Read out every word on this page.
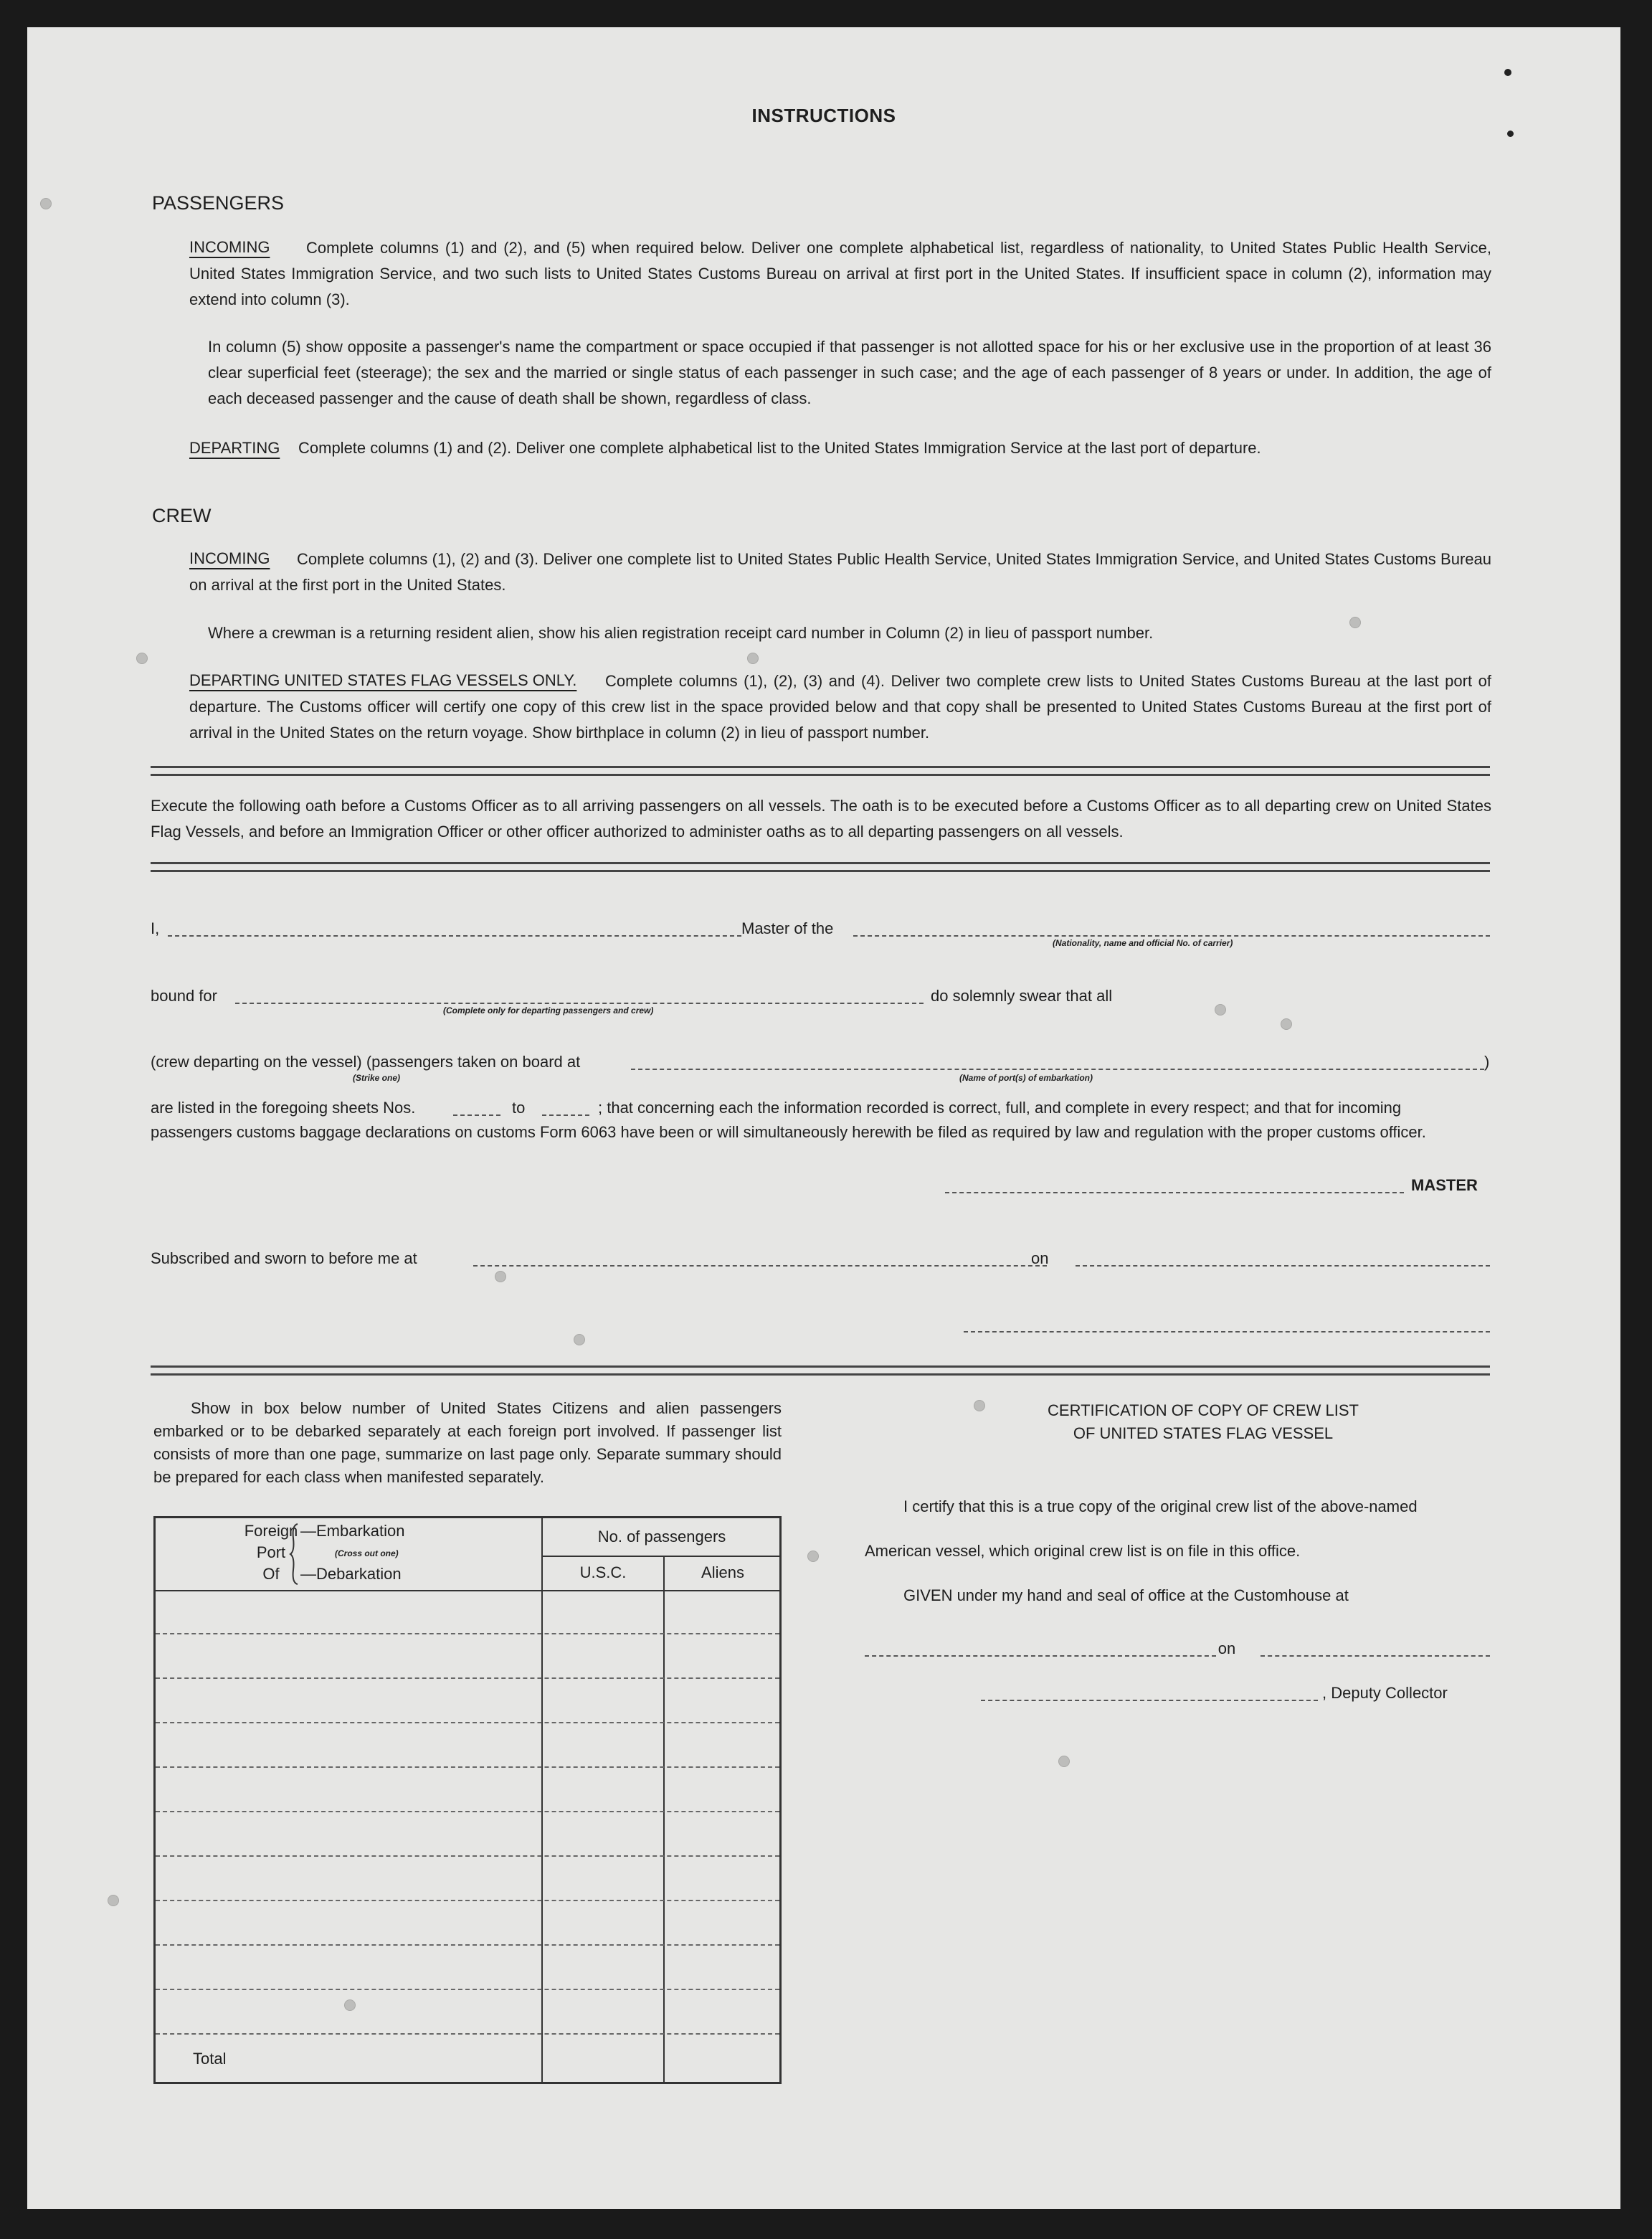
INSTRUCTIONS
PASSENGERS
INCOMING	Complete columns (1) and (2), and (5) when required below. Deliver one complete alphabetical list, regardless of nationality, to United States Public Health Service, United States Immigration Service, and two such lists to United States Customs Bureau on arrival at first port in the United States. If insufficient space in column (2), information may extend into column (3).
In column (5) show opposite a passenger's name the compartment or space occupied if that passenger is not allotted space for his or her exclusive use in the proportion of at least 36 clear superficial feet (steerage); the sex and the married or single status of each passenger in such case; and the age of each passenger of 8 years or under. In addition, the age of each deceased passenger and the cause of death shall be shown, regardless of class.
DEPARTING Complete columns (1) and (2). Deliver one complete alphabetical list to the United States Immigration Service at the last port of departure.
CREW
INCOMING	Complete columns (1), (2) and (3). Deliver one complete list to United States Public Health Service, United States Immigration Service, and United States Customs Bureau on arrival at the first port in the United States.
Where a crewman is a returning resident alien, show his alien registration receipt card number in Column (2) in lieu of passport number.
DEPARTING UNITED STATES FLAG VESSELS ONLY.	Complete columns (1), (2), (3) and (4). Deliver two complete crew lists to United States Customs Bureau at the last port of departure. The Customs officer will certify one copy of this crew list in the space provided below and that copy shall be presented to United States Customs Bureau at the first port of arrival in the United States on the return voyage. Show birthplace in column (2) in lieu of passport number.
Execute the following oath before a Customs Officer as to all arriving passengers on all vessels. The oath is to be executed before a Customs Officer as to all departing crew on United States Flag Vessels, and before an Immigration Officer or other officer authorized to administer oaths as to all departing passengers on all vessels.
I,	Master of the
(Nationality, name and official No. of carrier)
bound for
(Complete only for departing passengers and crew)
do solemnly swear that all
(crew departing on the vessel) (passengers taken on board at	)
(Strike one)	(Name of port(s) of embarkation)
are listed in the foregoing sheets Nos.	to	; that concerning each the information recorded is correct, full, and complete in every respect; and that for incoming
passengers customs baggage declarations on customs Form 6063 have been or will simultaneously herewith be filed as required by law and regulation with the proper customs officer.
MASTER
Subscribed and sworn to before me at	on
Show in box below number of United States Citizens and alien passengers embarked or to be debarked separately at each foreign port involved. If passenger list consists of more than one page, summarize on last page only. Separate summary should be prepared for each class when manifested separately.
Foreign
Port
Of
—Embarkation
(Cross out one)
—Debarkation
No. of passengers
U.S.C.	Aliens
Total
CERTIFICATION OF COPY OF CREW LIST
OF UNITED STATES FLAG VESSEL
I certify that this is a true copy of the original crew list of the above-named
American vessel, which original crew list is on file in this office.
GIVEN under my hand and seal of office at the Customhouse at
on
, Deputy Collector
